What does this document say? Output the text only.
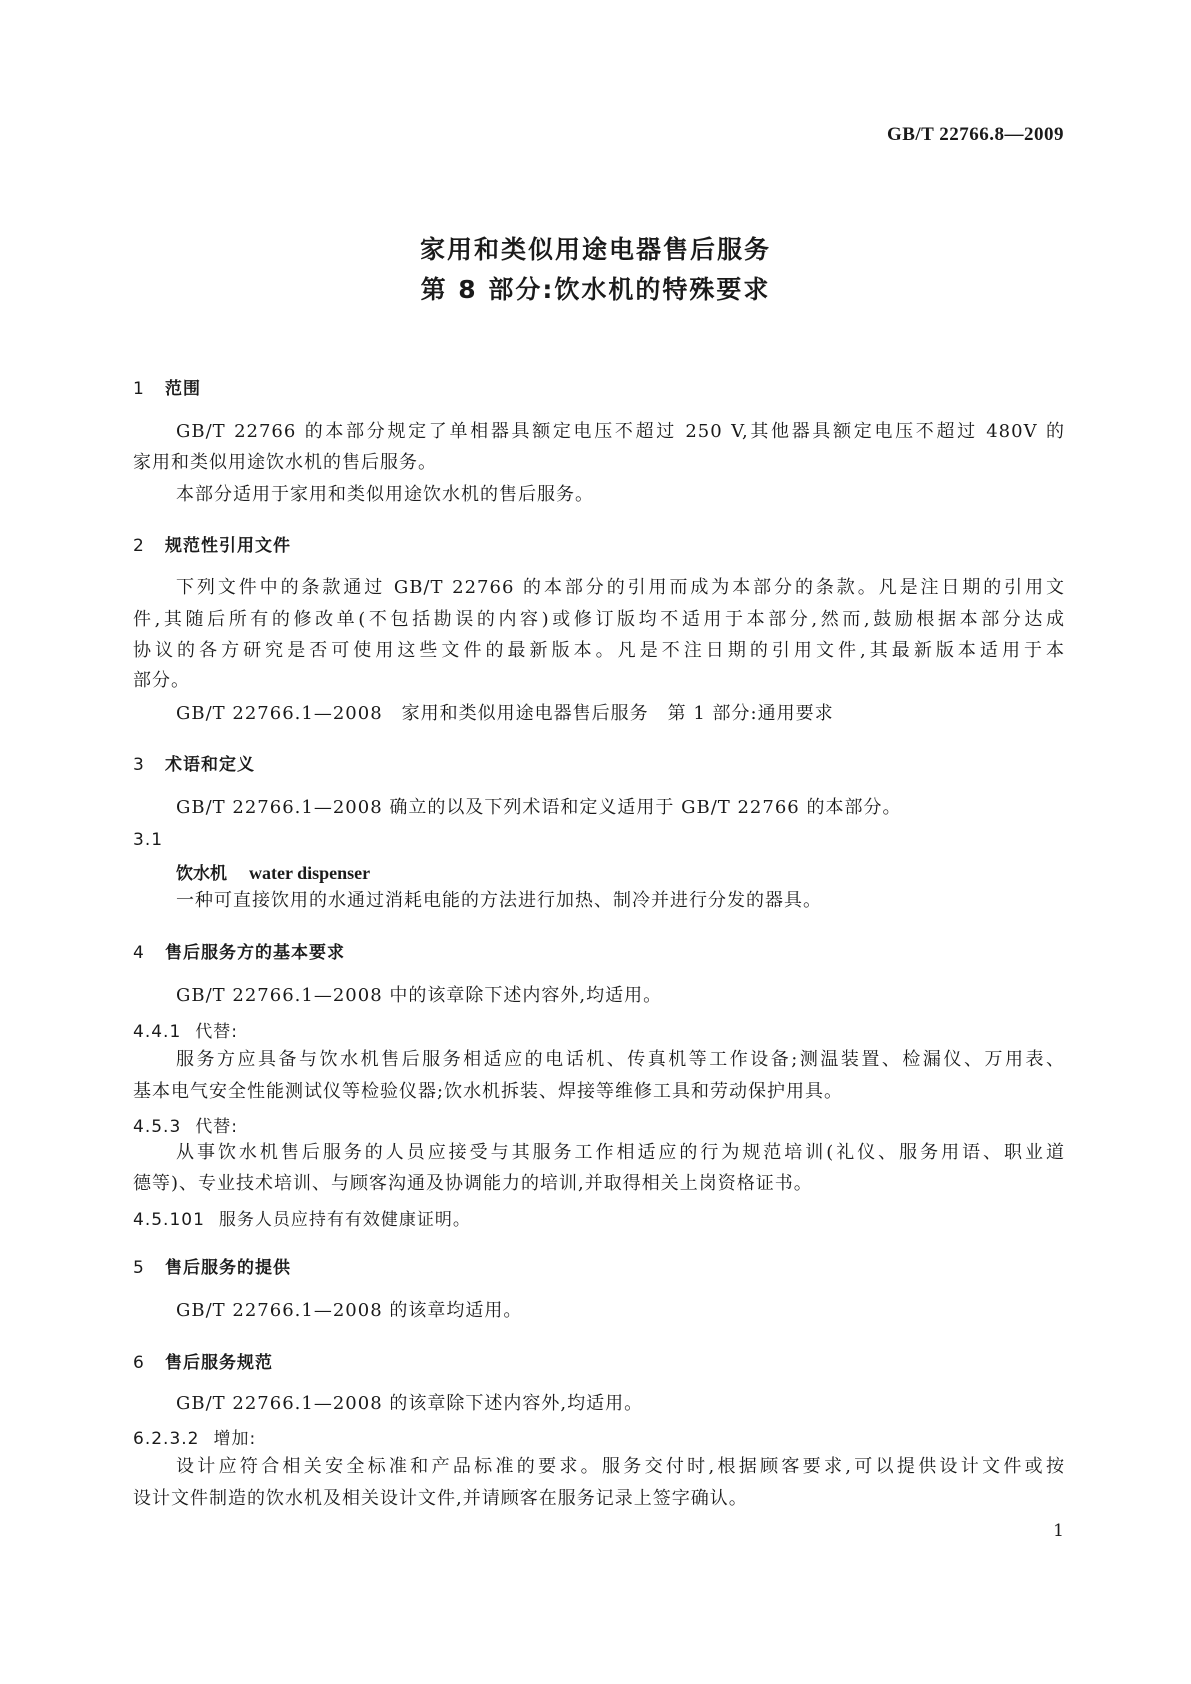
GB/T 22766.8—2009
家用和类似用途电器售后服务
第 8 部分:饮水机的特殊要求
1 范围
GB/T 22766 的本部分规定了单相器具额定电压不超过 250 V,其他器具额定电压不超过 480V 的
家用和类似用途饮水机的售后服务。
本部分适用于家用和类似用途饮水机的售后服务。
2 规范性引用文件
下列文件中的条款通过 GB/T 22766 的本部分的引用而成为本部分的条款。凡是注日期的引用文
件,其随后所有的修改单(不包括勘误的内容)或修订版均不适用于本部分,然而,鼓励根据本部分达成
协议的各方研究是否可使用这些文件的最新版本。凡是不注日期的引用文件,其最新版本适用于本
部分。
GB/T 22766.1—2008　家用和类似用途电器售后服务　第 1 部分:通用要求
3 术语和定义
GB/T 22766.1—2008 确立的以及下列术语和定义适用于 GB/T 22766 的本部分。
3.1
饮水机 water dispenser
一种可直接饮用的水通过消耗电能的方法进行加热、制冷并进行分发的器具。
4 售后服务方的基本要求
GB/T 22766.1—2008 中的该章除下述内容外,均适用。
4.4.1 代替:
服务方应具备与饮水机售后服务相适应的电话机、传真机等工作设备;测温装置、检漏仪、万用表、
基本电气安全性能测试仪等检验仪器;饮水机拆装、焊接等维修工具和劳动保护用具。
4.5.3 代替:
从事饮水机售后服务的人员应接受与其服务工作相适应的行为规范培训(礼仪、服务用语、职业道
德等)、专业技术培训、与顾客沟通及协调能力的培训,并取得相关上岗资格证书。
4.5.101 服务人员应持有有效健康证明。
5 售后服务的提供
GB/T 22766.1—2008 的该章均适用。
6 售后服务规范
GB/T 22766.1—2008 的该章除下述内容外,均适用。
6.2.3.2 增加:
设计应符合相关安全标准和产品标准的要求。服务交付时,根据顾客要求,可以提供设计文件或按
设计文件制造的饮水机及相关设计文件,并请顾客在服务记录上签字确认。
1
